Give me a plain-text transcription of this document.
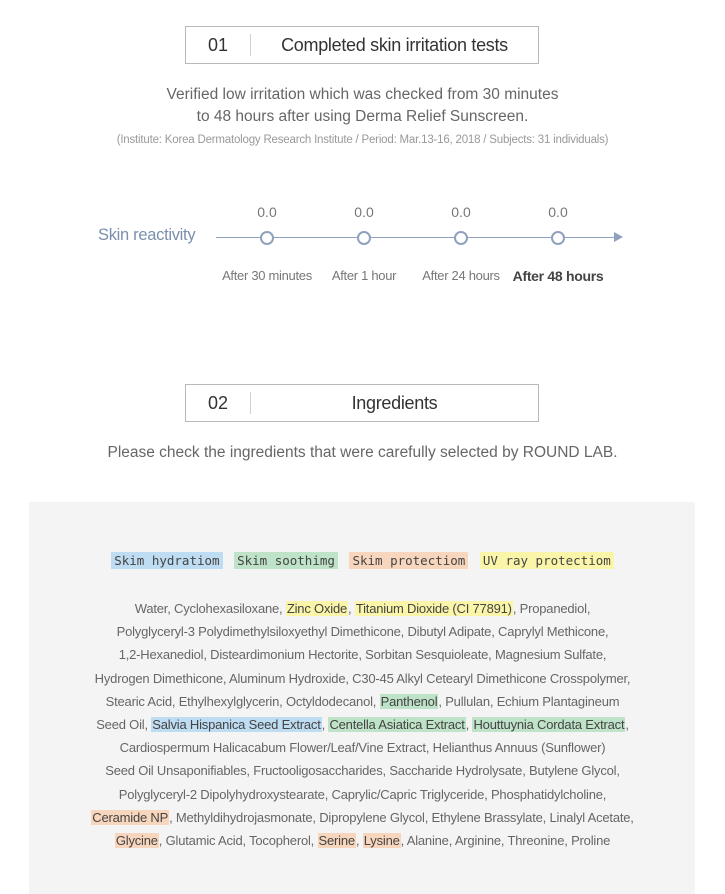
01	Completed skin irritation tests
Verified low irritation which was checked from 30 minutes
to 48 hours after using Derma Relief Sunscreen.
(Institute: Korea Dermatology Research Institute / Period: Mar.13-16, 2018 / Subjects: 31 individuals)
Skin reactivity
0.0	0.0	0.0	0.0
After 30 minutes	After 1 hour	After 24 hours After 48 hours
02	Ingredients
Please check the ingredients that were carefully selected by ROUND LAB.
Skim hydratiom Skim soothimg Skim protectiom UV ray protectiom
Water, Cyclohexasiloxane, Zinc Oxide, Titanium Dioxide (CI 77891), Propanediol,
Polyglyceryl-3 Polydimethylsiloxyethyl Dimethicone, Dibutyl Adipate, Caprylyl Methicone,
1,2-Hexanediol, Disteardimonium Hectorite, Sorbitan Sesquioleate, Magnesium Sulfate,
Hydrogen Dimethicone, Aluminum Hydroxide, C30-45 Alkyl Cetearyl Dimethicone Crosspolymer,
Stearic Acid, Ethylhexylglycerin, Octyldodecanol, Panthenol, Pullulan, Echium Plantagineum
Seed Oil, Salvia Hispanica Seed Extract, Centella Asiatica Extract, Houttuynia Cordata Extract,
Cardiospermum Halicacabum Flower/Leaf/Vine Extract, Helianthus Annuus (Sunflower)
Seed Oil Unsaponifiables, Fructooligosaccharides, Saccharide Hydrolysate, Butylene Glycol,
Polyglyceryl-2 Dipolyhydroxystearate, Caprylic/Capric Triglyceride, Phosphatidylcholine,
Ceramide NP, Methyldihydrojasmonate, Dipropylene Glycol, Ethylene Brassylate, Linalyl Acetate,
Glycine, Glutamic Acid, Tocopherol, Serine, Lysine, Alanine, Arginine, Threonine, Proline
